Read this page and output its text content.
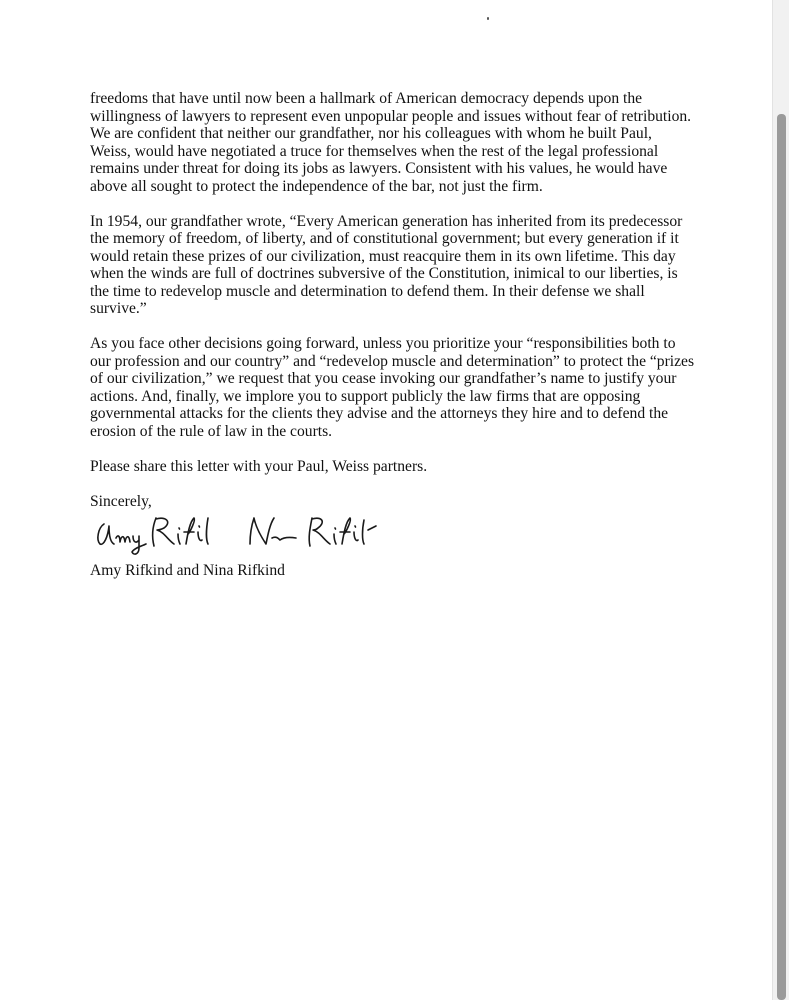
freedoms that have until now been a hallmark of American democracy depends upon the
willingness of lawyers to represent even unpopular people and issues without fear of retribution.
We are confident that neither our grandfather, nor his colleagues with whom he built Paul,
Weiss, would have negotiated a truce for themselves when the rest of the legal professional
remains under threat for doing its jobs as lawyers. Consistent with his values, he would have
above all sought to protect the independence of the bar, not just the firm.

In 1954, our grandfather wrote, “Every American generation has inherited from its predecessor
the memory of freedom, of liberty, and of constitutional government; but every generation if it
would retain these prizes of our civilization, must reacquire them in its own lifetime. This day
when the winds are full of doctrines subversive of the Constitution, inimical to our liberties, is
the time to redevelop muscle and determination to defend them. In their defense we shall
survive.”

As you face other decisions going forward, unless you prioritize your “responsibilities both to
our profession and our country” and “redevelop muscle and determination” to protect the “prizes
of our civilization,” we request that you cease invoking our grandfather’s name to justify your
actions. And, finally, we implore you to support publicly the law firms that are opposing
governmental attacks for the clients they advise and the attorneys they hire and to defend the
erosion of the rule of law in the courts.

Please share this letter with your Paul, Weiss partners.

Sincerely,

Amy Rifkind and Nina Rifkind
